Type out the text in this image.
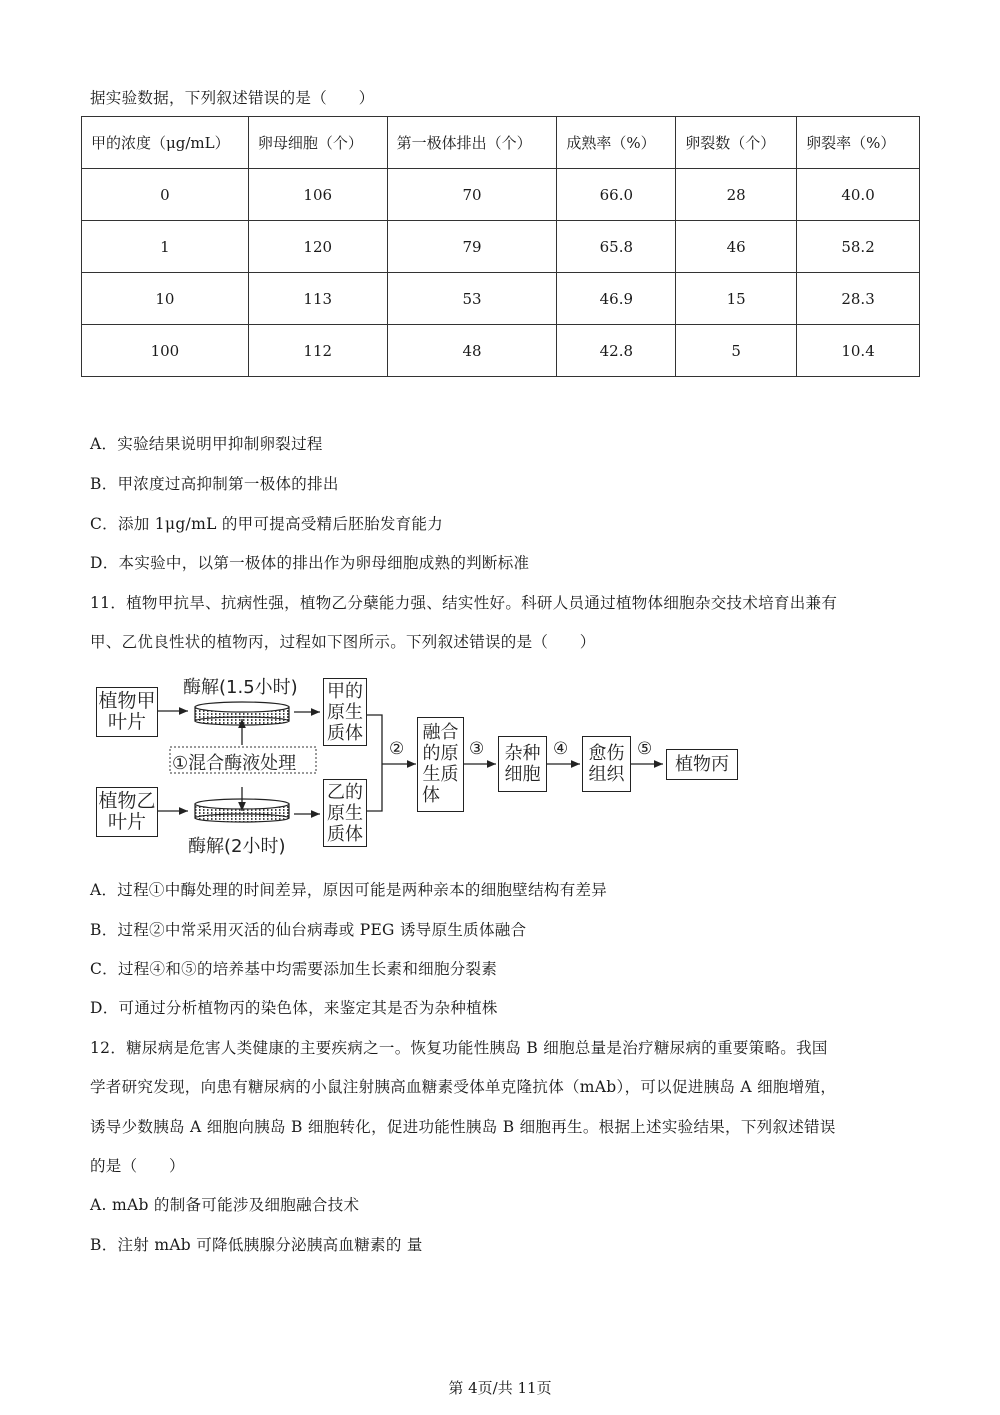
据实验数据，下列叙述错误的是（　　）
甲的浓度（μg/mL）	卵母细胞（个）	第一极体排出（个）	成熟率（%）	卵裂数（个）	卵裂率（%）
0	106	70	66.0	28	40.0
1	120	79	65.8	46	58.2
10	113	53	46.9	15	28.3
100	112	48	42.8	5	10.4
A．实验结果说明甲抑制卵裂过程
B．甲浓度过高抑制第一极体的排出
C．添加 1μg/mL 的甲可提高受精后胚胎发育能力
D．本实验中，以第一极体的排出作为卵母细胞成熟的判断标准
11．植物甲抗旱、抗病性强，植物乙分蘖能力强、结实性好。科研人员通过植物体细胞杂交技术培育出兼有
甲、乙优良性状的植物丙，过程如下图所示。下列叙述错误的是（　　）
植物甲
叶片
植物乙
叶片
酶解(1.5小时)
酶解(2小时)
①混合酶液处理
甲的
原生
质体
乙的
原生
质体
②
融合
的原
生质
体
③	杂种
细胞
④	愈伤
组织
⑤
植物丙
A．过程①中酶处理的时间差异，原因可能是两种亲本的细胞壁结构有差异
B．过程②中常采用灭活的仙台病毒或 PEG 诱导原生质体融合
C．过程④和⑤的培养基中均需要添加生长素和细胞分裂素
D．可通过分析植物丙的染色体，来鉴定其是否为杂种植株
12．糖尿病是危害人类健康的主要疾病之一。恢复功能性胰岛 B 细胞总量是治疗糖尿病的重要策略。我国
学者研究发现，向患有糖尿病的小鼠注射胰高血糖素受体单克隆抗体（mAb），可以促进胰岛 A 细胞增殖，
诱导少数胰岛 A 细胞向胰岛 B 细胞转化，促进功能性胰岛 B 细胞再生。根据上述实验结果，下列叙述错误
的是（　　）
A. mAb 的制备可能涉及细胞融合技术
B．注射 mAb 可降低胰腺分泌胰高血糖素的 量
第 4页/共 11页
